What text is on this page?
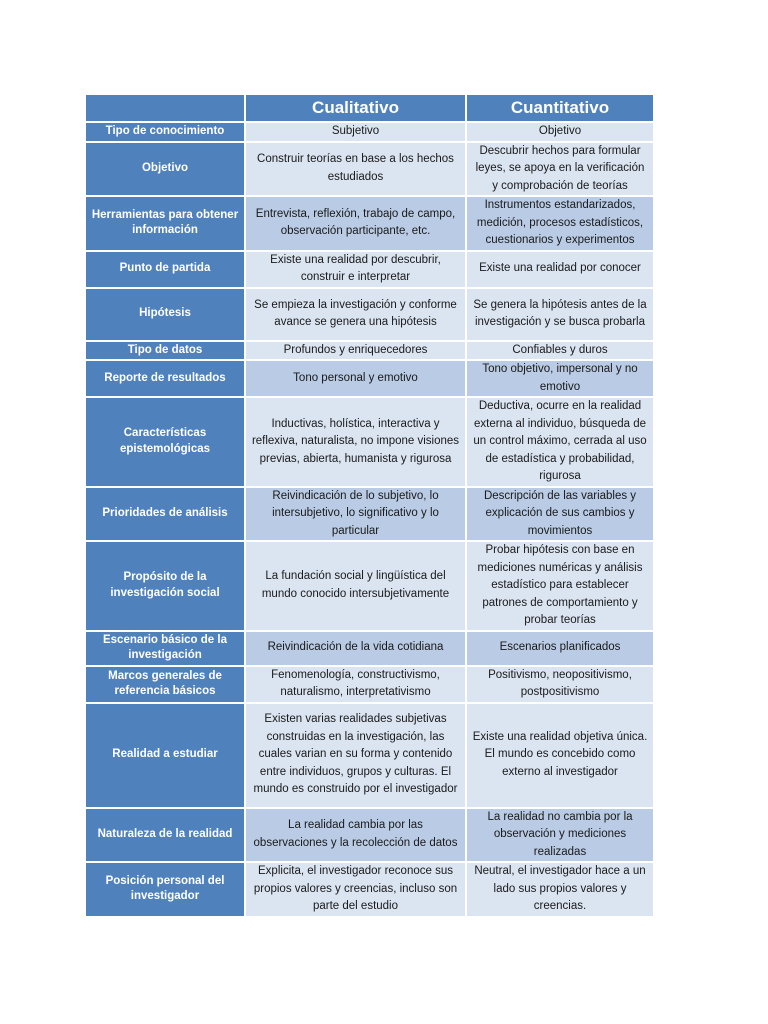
	Cualitativo	Cuantitativo
Tipo de conocimiento	Subjetivo	Objetivo
Objetivo	Construir teorías en base a los hechos estudiados	Descubrir hechos para formular leyes, se apoya en la verificación y comprobación de teorías
Herramientas para obtener información	Entrevista, reflexión, trabajo de campo, observación participante, etc.	Instrumentos estandarizados, medición, procesos estadísticos, cuestionarios y experimentos
Punto de partida	Existe una realidad por descubrir, construir e interpretar	Existe una realidad por conocer
Hipótesis	Se empieza la investigación y conforme avance se genera una hipótesis	Se genera la hipótesis antes de la investigación y se busca probarla
Tipo de datos	Profundos y enriquecedores	Confiables y duros
Reporte de resultados	Tono personal y emotivo	Tono objetivo, impersonal y no emotivo
Características epistemológicas	Inductivas, holística, interactiva y reflexiva, naturalista, no impone visiones previas, abierta, humanista y rigurosa	Deductiva, ocurre en la realidad externa al individuo, búsqueda de un control máximo, cerrada al uso de estadística y probabilidad, rigurosa
Prioridades de análisis	Reivindicación de lo subjetivo, lo intersubjetivo, lo significativo y lo particular	Descripción de las variables y explicación de sus cambios y movimientos
Propósito de la investigación social	La fundación social y lingüística del mundo conocido intersubjetivamente	Probar hipótesis con base en mediciones numéricas y análisis estadístico para establecer patrones de comportamiento y probar teorías
Escenario básico de la investigación	Reivindicación de la vida cotidiana	Escenarios planificados
Marcos generales de referencia básicos	Fenomenología, constructivismo, naturalismo, interpretativismo	Positivismo, neopositivismo, postpositivismo
Realidad a estudiar	Existen varias realidades subjetivas construidas en la investigación, las cuales varian en su forma y contenido entre individuos, grupos y culturas. El mundo es construido por el investigador	Existe una realidad objetiva única. El mundo es concebido como externo al investigador
Naturaleza de la realidad	La realidad cambia por las observaciones y la recolección de datos	La realidad no cambia por la observación y mediciones realizadas
Posición personal del investigador	Explicita, el investigador reconoce sus propios valores y creencias, incluso son parte del estudio	Neutral, el investigador hace a un lado sus propios valores y creencias.
